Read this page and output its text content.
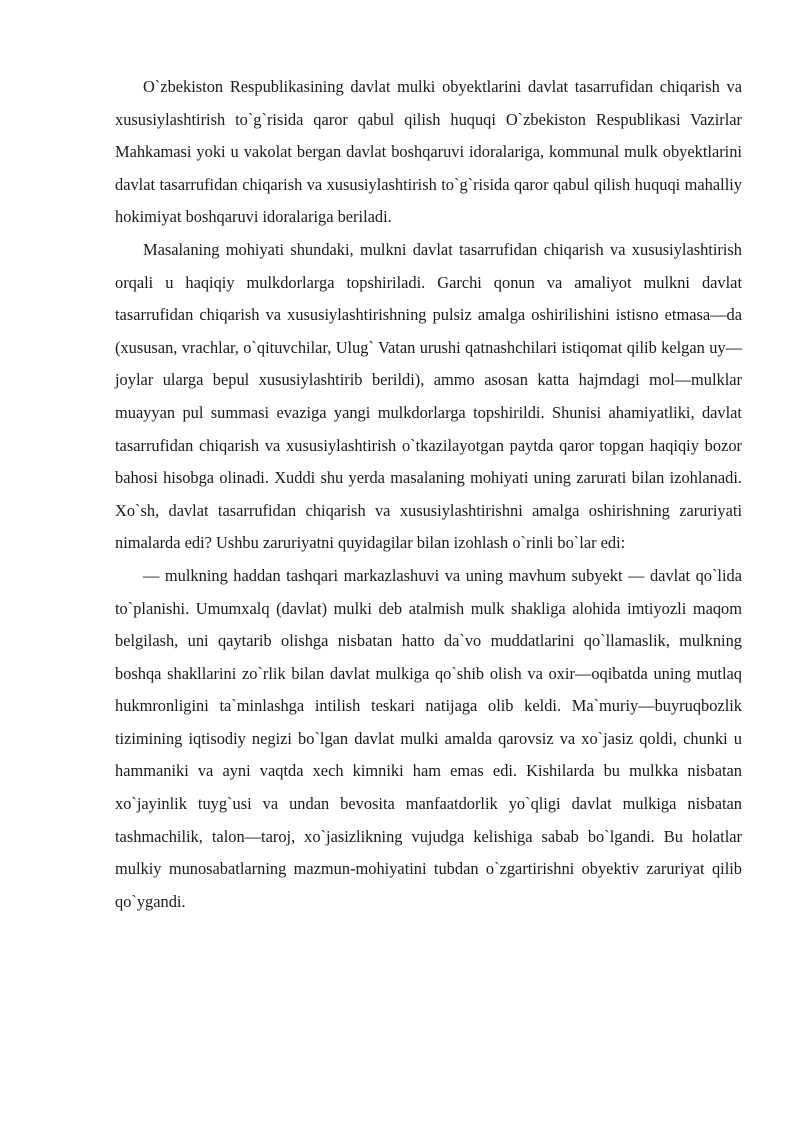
O`zbekiston Respublikasining davlat mulki obyektlarini davlat tasarrufidan chiqarish va xususiylashtirish to`g`risida qaror qabul qilish huquqi O`zbekiston Respublikasi Vazirlar Mahkamasi yoki u vakolat bergan davlat boshqaruvi idoralariga, kommunal mulk obyektlarini davlat tasarrufidan chiqarish va xususiylashtirish to`g`risida qaror qabul qilish huquqi mahalliy hokimiyat boshqaruvi idoralariga beriladi.

Masalaning mohiyati shundaki, mulkni davlat tasarrufidan chiqarish va xususiylashtirish orqali u haqiqiy mulkdorlarga topshiriladi. Garchi qonun va amaliyot mulkni davlat tasarrufidan chiqarish va xususiylashtirishning pulsiz amalga oshirilishini istisno etmasa—da (xususan, vrachlar, o`qituvchilar, Ulug` Vatan urushi qatnashchilari istiqomat qilib kelgan uy—joylar ularga bepul xususiylashtirib berildi), ammo asosan katta hajmdagi mol—mulklar muayyan pul summasi evaziga yangi mulkdorlarga topshirildi. Shunisi ahamiyatliki, davlat tasarrufidan chiqarish va xususiylashtirish o`tkazilayotgan paytda qaror topgan haqiqiy bozor bahosi hisobga olinadi. Xuddi shu yerda masalaning mohiyati uning zarurati bilan izohlanadi. Xo`sh, davlat tasarrufidan chiqarish va xususiylashtirishni amalga oshirishning zaruriyati nimalarda edi? Ushbu zaruriyatni quyidagilar bilan izohlash o`rinli bo`lar edi:

— mulkning haddan tashqari markazlashuvi va uning mavhum subyekt — davlat qo`lida to`planishi. Umumxalq (davlat) mulki deb atalmish mulk shakliga alohida imtiyozli maqom belgilash, uni qaytarib olishga nisbatan hatto da`vo muddatlarini qo`llamaslik, mulkning boshqa shakllarini zo`rlik bilan davlat mulkiga qo`shib olish va oxir—oqibatda uning mutlaq hukmronligini ta`minlashga intilish teskari natijaga olib keldi. Ma`muriy—buyruqbozlik tizimining iqtisodiy negizi bo`lgan davlat mulki amalda qarovsiz va xo`jasiz qoldi, chunki u hammaniki va ayni vaqtda xech kimniki ham emas edi. Kishilarda bu mulkka nisbatan xo`jayinlik tuyg`usi va undan bevosita manfaatdorlik yo`qligi davlat mulkiga nisbatan tashmachilik, talon—taroj, xo`jasizlikning vujudga kelishiga sabab bo`lgandi. Bu holatlar mulkiy munosabatlarning mazmun-mohiyatini tubdan o`zgartirishni obyektiv zaruriyat qilib qo`ygandi.
